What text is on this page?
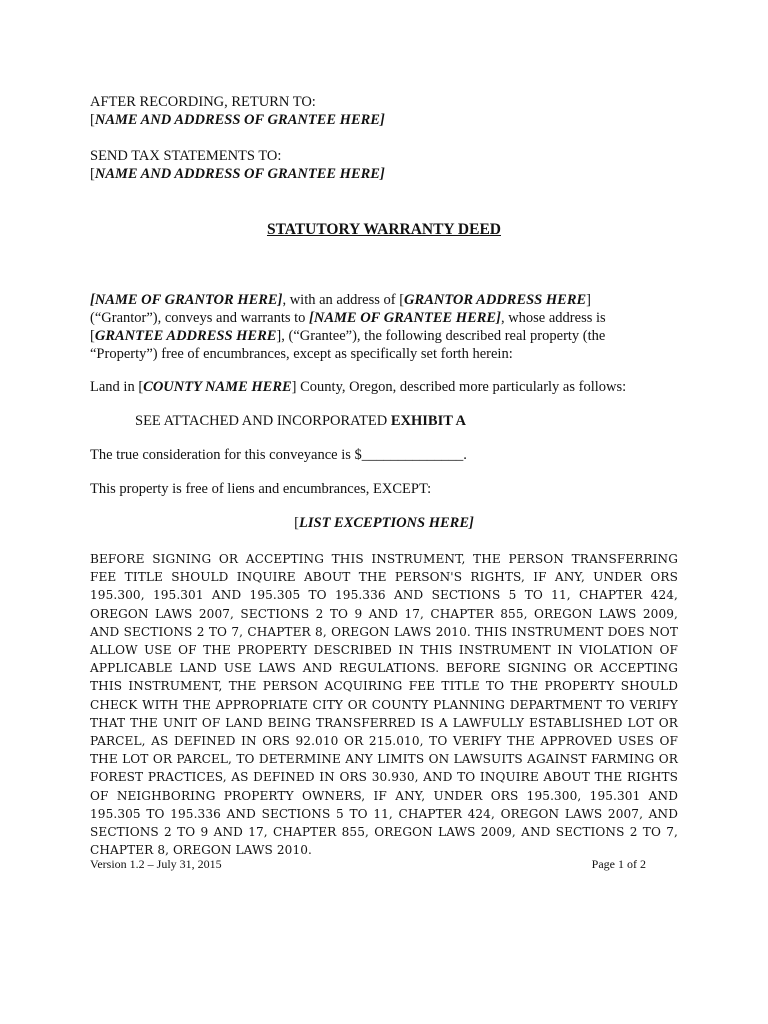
AFTER RECORDING, RETURN TO:
[NAME AND ADDRESS OF GRANTEE HERE]
SEND TAX STATEMENTS TO:
[NAME AND ADDRESS OF GRANTEE HERE]
STATUTORY WARRANTY DEED
[NAME OF GRANTOR HERE], with an address of [GRANTOR ADDRESS HERE]
(“Grantor”), conveys and warrants to [NAME OF GRANTEE HERE], whose address is
[GRANTEE ADDRESS HERE], (“Grantee”), the following described real property (the
“Property”) free of encumbrances, except as specifically set forth herein:
Land in [COUNTY NAME HERE] County, Oregon, described more particularly as follows:
SEE ATTACHED AND INCORPORATED EXHIBIT A
The true consideration for this conveyance is $______________.
This property is free of liens and encumbrances, EXCEPT:
[LIST EXCEPTIONS HERE]
BEFORE SIGNING OR ACCEPTING THIS INSTRUMENT, THE PERSON TRANSFERRING FEE TITLE SHOULD INQUIRE ABOUT THE PERSON'S RIGHTS, IF ANY, UNDER ORS 195.300, 195.301 AND 195.305 TO 195.336 AND SECTIONS 5 TO 11, CHAPTER 424, OREGON LAWS 2007, SECTIONS 2 TO 9 AND 17, CHAPTER 855, OREGON LAWS 2009, AND SECTIONS 2 TO 7, CHAPTER 8, OREGON LAWS 2010. THIS INSTRUMENT DOES NOT ALLOW USE OF THE PROPERTY DESCRIBED IN THIS INSTRUMENT IN VIOLATION OF APPLICABLE LAND USE LAWS AND REGULATIONS. BEFORE SIGNING OR ACCEPTING THIS INSTRUMENT, THE PERSON ACQUIRING FEE TITLE TO THE PROPERTY SHOULD CHECK WITH THE APPROPRIATE CITY OR COUNTY PLANNING DEPARTMENT TO VERIFY THAT THE UNIT OF LAND BEING TRANSFERRED IS A LAWFULLY ESTABLISHED LOT OR PARCEL, AS DEFINED IN ORS 92.010 OR 215.010, TO VERIFY THE APPROVED USES OF THE LOT OR PARCEL, TO DETERMINE ANY LIMITS ON LAWSUITS AGAINST FARMING OR FOREST PRACTICES, AS DEFINED IN ORS 30.930, AND TO INQUIRE ABOUT THE RIGHTS OF NEIGHBORING PROPERTY OWNERS, IF ANY, UNDER ORS 195.300, 195.301 AND 195.305 TO 195.336 AND SECTIONS 5 TO 11, CHAPTER 424, OREGON LAWS 2007, AND SECTIONS 2 TO 9 AND 17, CHAPTER 855, OREGON LAWS 2009, AND SECTIONS 2 TO 7, CHAPTER 8, OREGON LAWS 2010.
Version 1.2 – July 31, 2015	Page 1 of 2
